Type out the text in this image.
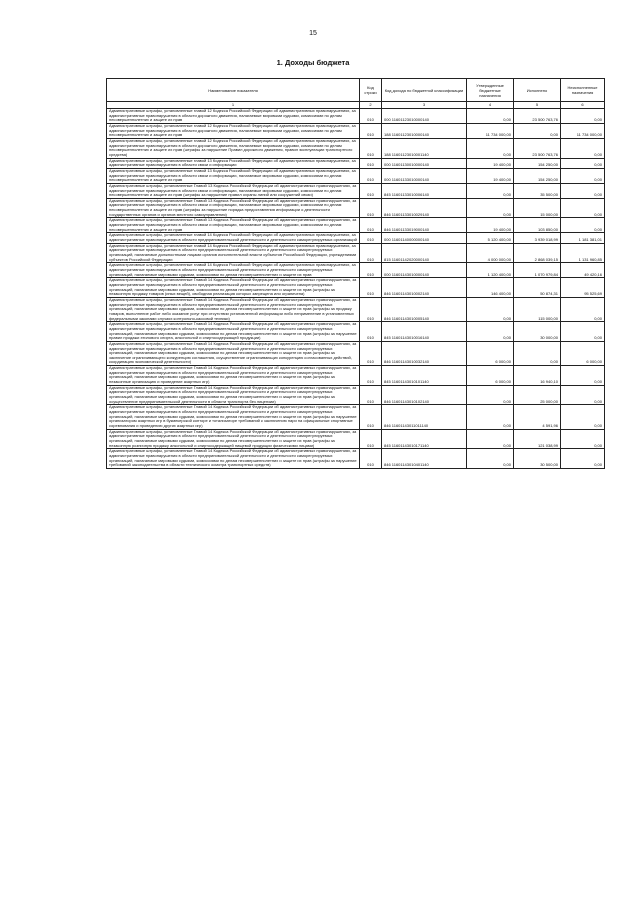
15
1. Доходы бюджета
Наименование показателя	Код строки	Код дохода по бюджетной классификации	Утвержденные бюджетные назначения	Исполнено	Неисполненные назначения
1	2	3	4	5	6
Административные штрафы, установленные главой 12 Кодекса Российской Федерации об административных правонарушениях, за административные правонарушения в области дорожного движения, налагаемые мировыми судьями, комиссиями по делам несовершеннолетних и защите их прав	010	000 11601123010000140	0,00	23 500 763,76	0,00
Административные штрафы, установленные главой 12 Кодекса Российской Федерации об административных правонарушениях, за административные правонарушения в области дорожного движения, налагаемые мировыми судьями, комиссиями по делам несовершеннолетних и защите их прав	010	188 11601123010000140	11 734 000,00	0,00	11 734 000,00
Административные штрафы, установленные главой 12 Кодекса Российской Федерации об административных правонарушениях, за административные правонарушения в области дорожного движения, налагаемые мировыми судьями, комиссиями по делам несовершеннолетних и защите их прав (штрафы за нарушение Правил дорожного движения, правил эксплуатации транспортного средства)	010	188 11601123010001140	0,00	23 500 763,76	0,00
Административные штрафы, установленные главой 13 Кодекса Российской Федерации об административных правонарушениях, за административные правонарушения в области связи и информации	010	000 11601130010000140	19 400,00	154 250,00	0,00
Административные штрафы, установленные главой 13 Кодекса Российской Федерации об административных правонарушениях, за административные правонарушения в области связи и информации, налагаемые мировыми судьями, комиссиями по делам несовершеннолетних и защите их прав	010	000 11601133010000140	19 400,00	154 250,00	0,00
Административные штрафы, установленные Главой 13 Кодекса Российской Федерации об административных правонарушениях, за административные правонарушения в области связи и информации, налагаемые мировыми судьями, комиссиями по делам несовершеннолетних и защите их прав (штрафы за нарушение правил охраны линий или сооружений связи)	010	845 11601133010006140	0,00	35 500,00	0,00
Административные штрафы, установленные Главой 13 Кодекса Российской Федерации об административных правонарушениях, за административные правонарушения в области связи и информации, налагаемые мировыми судьями, комиссиями по делам несовершеннолетних и защите их прав (штрафы за нарушение порядка предоставления информации о деятельности государственных органов и органов местного самоуправления)	010	846 11601133010029140	0,00	15 000,00	0,00
Административные штрафы, установленные Главой 13 Кодекса Российской Федерации об административных правонарушениях, за административные правонарушения в области связи и информации, налагаемые мировыми судьями, комиссиями по делам несовершеннолетних и защите их прав	010	846 11601133019000140	19 400,00	103 850,00	0,00
Административные штрафы, установленные главой 14 Кодекса Российской Федерации об административных правонарушениях, за административные правонарушения в области предпринимательской деятельности и деятельности саморегулируемых организаций	010	000 11601140000000140	5 120 400,00	3 939 018,99	1 181 381,01
Административные штрафы, установленные главой 14 Кодекса Российской Федерации об административных правонарушениях, за административные правонарушения в области предпринимательской деятельности и деятельности саморегулируемых организаций, налагаемые должностными лицами органов исполнительной власти субъектов Российской Федерации, учреждениями субъектов Российской Федерации	010	815 11601142020000140	4 000 000,00	2 868 039,15	1 131 960,85
Административные штрафы, установленные главой 14 Кодекса Российской Федерации об административных правонарушениях, за административные правонарушения в области предпринимательской деятельности и деятельности саморегулируемых организаций, налагаемые мировыми судьями, комиссиями по делам несовершеннолетних и защите их прав	010	000 11601143010000140	1 120 400,00	1 070 979,84	49 420,16
Административные штрафы, установленные Главой 14 Кодекса Российской Федерации об административных правонарушениях, за административные правонарушения в области предпринимательской деятельности и деятельности саморегулируемых организаций, налагаемые мировыми судьями, комиссиями по делам несовершеннолетних и защите их прав (штрафы за незаконную продажу товаров (иных вещей), свободная реализация которых запрещена или ограничена)	010	846 11601143010002140	146 400,00	50 874,31	95 525,69
Административные штрафы, установленные Главой 14 Кодекса Российской Федерации об административных правонарушениях, за административные правонарушения в области предпринимательской деятельности и деятельности саморегулируемых организаций, налагаемые мировыми судьями, комиссиями по делам несовершеннолетних и защите их прав (штрафы за продажу товаров, выполнение работ либо оказание услуг при отсутствии установленной информации либо неприменение в установленных федеральными законами случаях контрольно-кассовой техники)	010	846 11601143010005140	0,00	115 000,00	0,00
Административные штрафы, установленные Главой 14 Кодекса Российской Федерации об административных правонарушениях, за административные правонарушения в области предпринимательской деятельности и деятельности саморегулируемых организаций, налагаемые мировыми судьями, комиссиями по делам несовершеннолетних и защите их прав (штрафы за нарушение правил продажи этилового спирта, алкогольной и спиртосодержащей продукции)	010	845 11601143010016140	0,00	30 000,00	0,00
Административные штрафы, установленные Главой 14 Кодекса Российской Федерации об административных правонарушениях, за административные правонарушения в области предпринимательской деятельности и деятельности саморегулируемых организаций, налагаемые мировыми судьями, комиссиями по делам несовершеннолетних и защите их прав (штрафы за заключение ограничивающего конкуренцию соглашения, осуществление ограничивающих конкуренцию согласованных действий, координацию экономической деятельности)	010	846 11601143010032140	6 000,00	0,00	6 000,00
Административные штрафы, установленные Главой 14 Кодекса Российской Федерации об административных правонарушениях, за административные правонарушения в области предпринимательской деятельности и деятельности саморегулируемых организаций, налагаемые мировыми судьями, комиссиями по делам несовершеннолетних и защите их прав (штрафы за незаконные организацию и проведение азартных игр)	010	845 11601143010101140	6 000,00	16 940,10	0,00
Административные штрафы, установленные Главой 14 Кодекса Российской Федерации об административных правонарушениях, за административные правонарушения в области предпринимательской деятельности и деятельности саморегулируемых организаций, налагаемые мировыми судьями, комиссиями по делам несовершеннолетних и защите их прав (штрафы за осуществление предпринимательской деятельности в области транспорта без лицензии)	010	846 11601143010102140	0,00	25 000,00	0,00
Административные штрафы, установленные Главой 14 Кодекса Российской Федерации об административных правонарушениях, за административные правонарушения в области предпринимательской деятельности и деятельности саморегулируемых организаций, налагаемые мировыми судьями, комиссиями по делам несовершеннолетних и защите их прав (штрафы за нарушение организатором азартных игр в букмекерской конторе и тотализаторе требований к заключению пари на официальные спортивные соревнования и проведению других азартных игр)	010	846 11601143011011140	0,00	4 591,96	0,00
Административные штрафы, установленные Главой 14 Кодекса Российской Федерации об административных правонарушениях, за административные правонарушения в области предпринимательской деятельности и деятельности саморегулируемых организаций, налагаемые мировыми судьями, комиссиями по делам несовершеннолетних и защите их прав (штрафы за незаконную розничную продажу алкогольной и спиртосодержащей пищевой продукции физическими лицами)	010	845 11601143010171140	0,00	121 038,99	0,00
Административные штрафы, установленные Главой 14 Кодекса Российской Федерации об административных правонарушениях, за административные правонарушения в области предпринимательской деятельности и деятельности саморегулируемых организаций, налагаемые мировыми судьями, комиссиями по делам несовершеннолетних и защите их прав (штрафы за нарушение требований законодательства в области технического осмотра транспортных средств)	010	846 11601143010401140	0,00	30 500,00	0,00
